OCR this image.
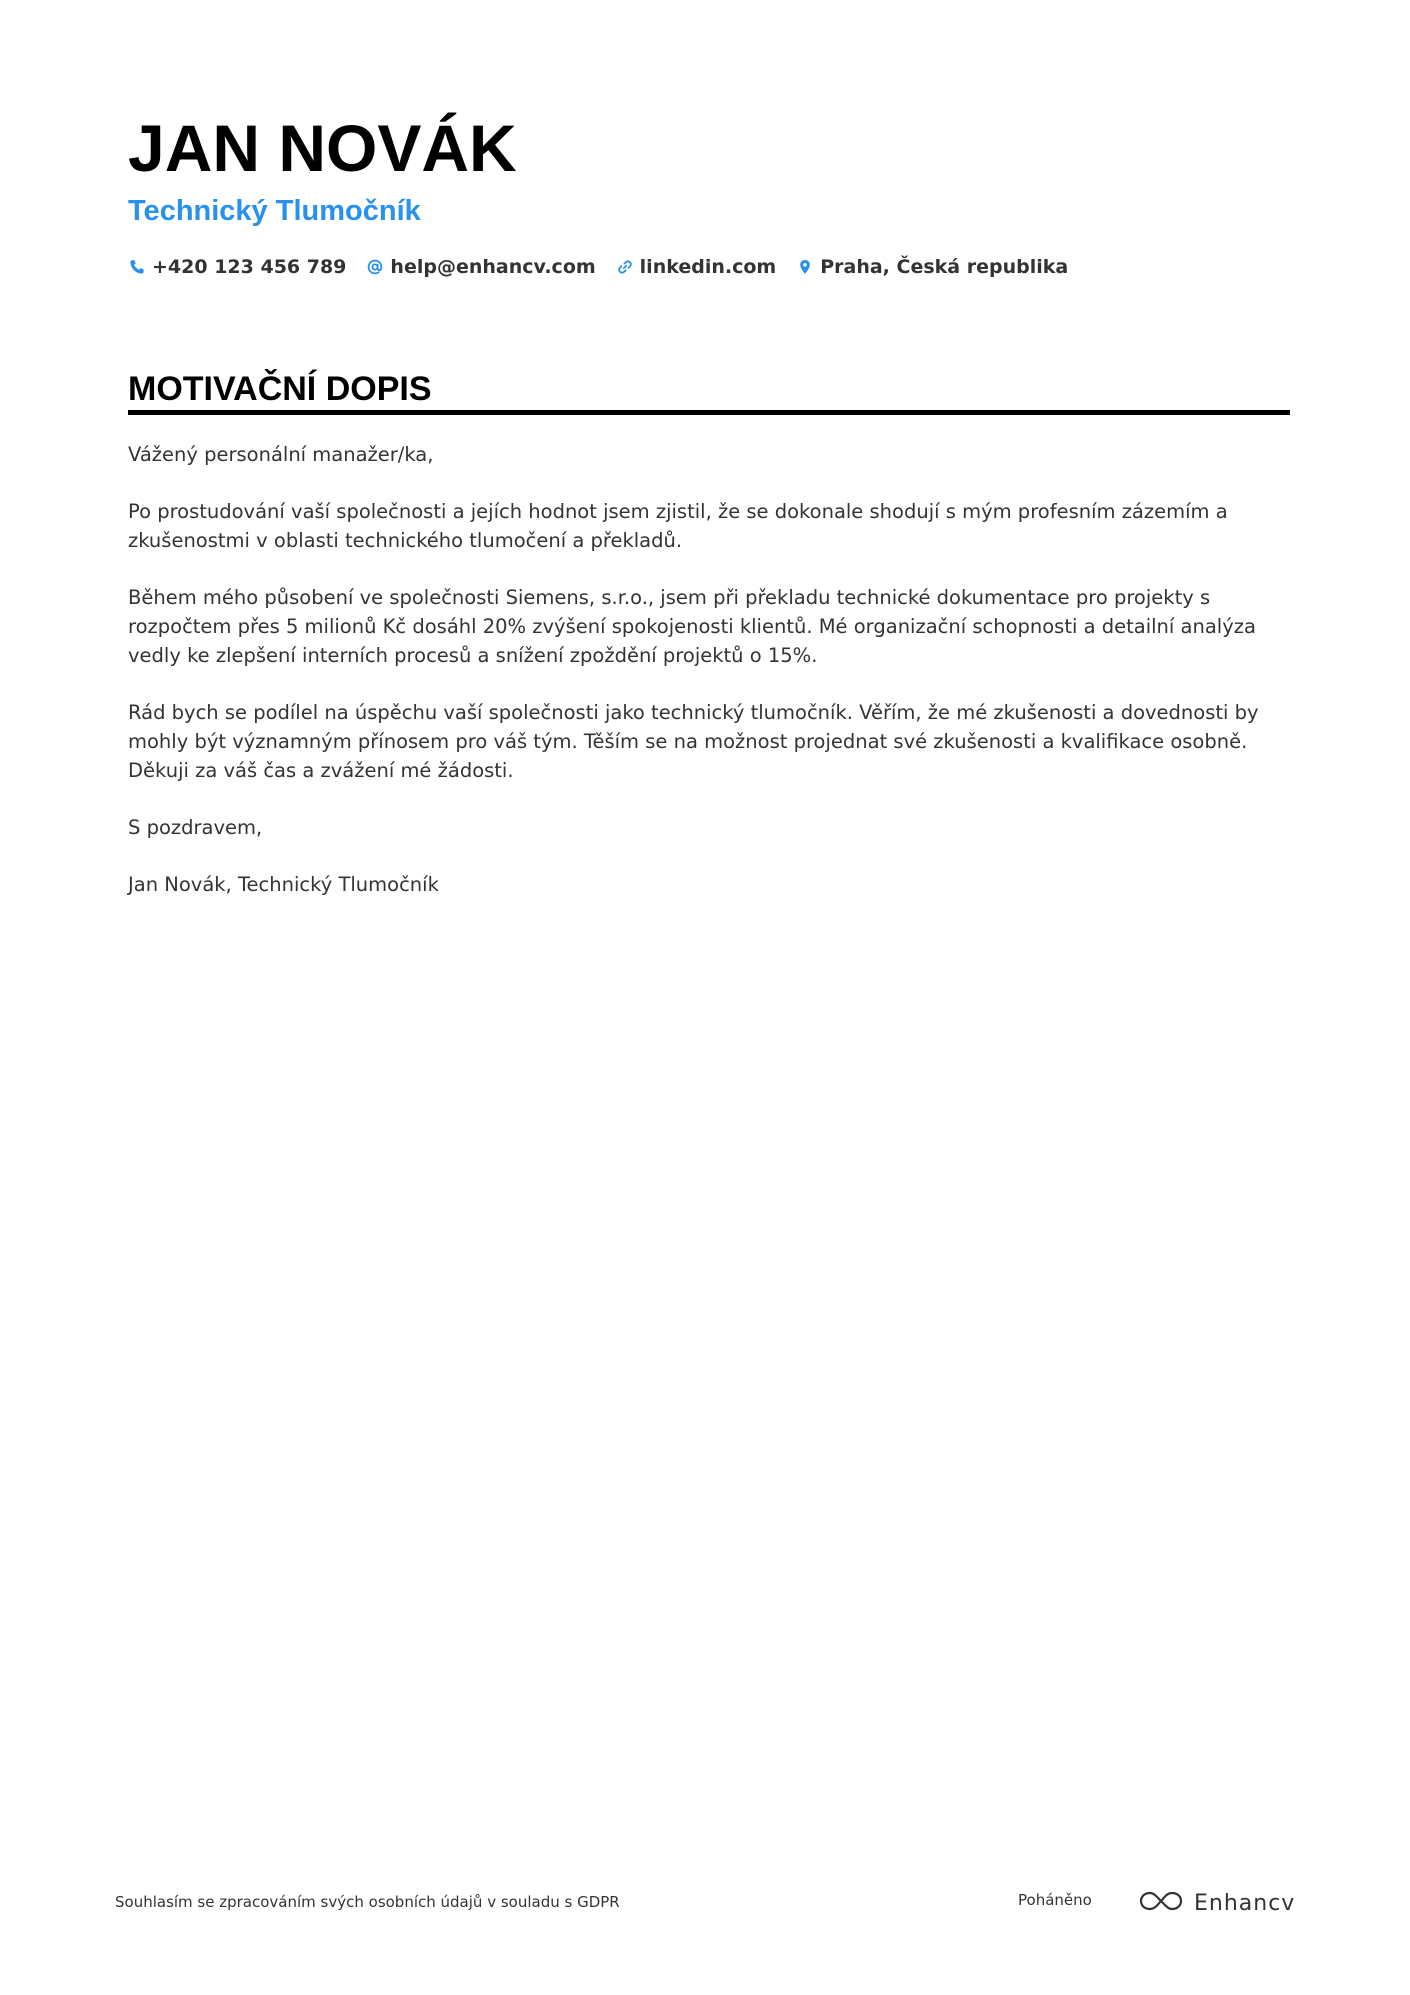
JAN NOVÁK
Technický Tlumočník
+420 123 456 789 help@enhancv.com linkedin.com Praha, Česká republika
MOTIVAČNÍ DOPIS

Vážený personální manažer/ka,

Po prostudování vaší společnosti a jejích hodnot jsem zjistil, že se dokonale shodují s mým profesním zázemím a zkušenostmi v oblasti technického tlumočení a překladů.

Během mého působení ve společnosti Siemens, s.r.o., jsem při překladu technické dokumentace pro projekty s rozpočtem přes 5 milionů Kč dosáhl 20% zvýšení spokojenosti klientů. Mé organizační schopnosti a detailní analýza vedly ke zlepšení interních procesů a snížení zpoždění projektů o 15%.

Rád bych se podílel na úspěchu vaší společnosti jako technický tlumočník. Věřím, že mé zkušenosti a dovednosti by mohly být významným přínosem pro váš tým. Těším se na možnost projednat své zkušenosti a kvalifikace osobně. Děkuji za váš čas a zvážení mé žádosti.

S pozdravem,

Jan Novák, Technický Tlumočník

Souhlasím se zpracováním svých osobních údajů v souladu s GDPR	Poháněno	Enhancv
